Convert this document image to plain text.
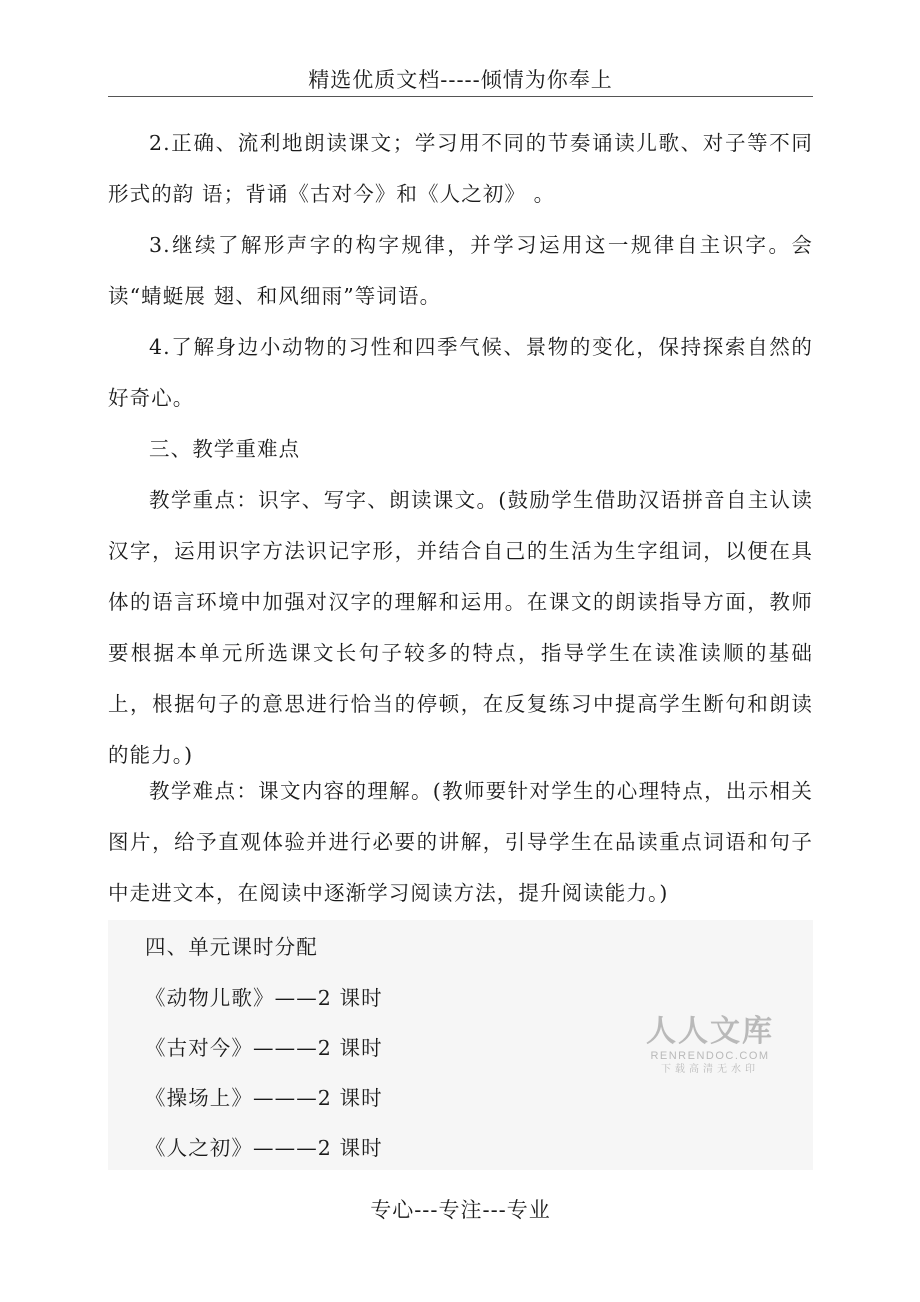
精选优质文档-----倾情为你奉上

2.正确、流利地朗读课文；学习用不同的节奏诵读儿歌、对子等不同形式的韵 语；背诵《古对今》和《人之初》 。

3.继续了解形声字的构字规律，并学习运用这一规律自主识字。会读“蜻蜓展 翅、和风细雨”等词语。

4.了解身边小动物的习性和四季气候、景物的变化，保持探索自然的好奇心。

三、教学重难点

教学重点：识字、写字、朗读课文。(鼓励学生借助汉语拼音自主认读汉字，运用识字方法识记字形，并结合自己的生活为生字组词，以便在具体的语言环境中加强对汉字的理解和运用。在课文的朗读指导方面，教师要根据本单元所选课文长句子较多的特点，指导学生在读准读顺的基础上，根据句子的意思进行恰当的停顿，在反复练习中提高学生断句和朗读的能力。)

教学难点：课文内容的理解。(教师要针对学生的心理特点，出示相关图片，给予直观体验并进行必要的讲解，引导学生在品读重点词语和句子中走进文本，在阅读中逐渐学习阅读方法，提升阅读能力。)

四、单元课时分配

《动物儿歌》——2 课时

《古对今》———2 课时

《操场上》———2 课时

《人之初》———2 课时

人人文库
RENRENDOC.COM
下载高清无水印
专心---专注---专业
